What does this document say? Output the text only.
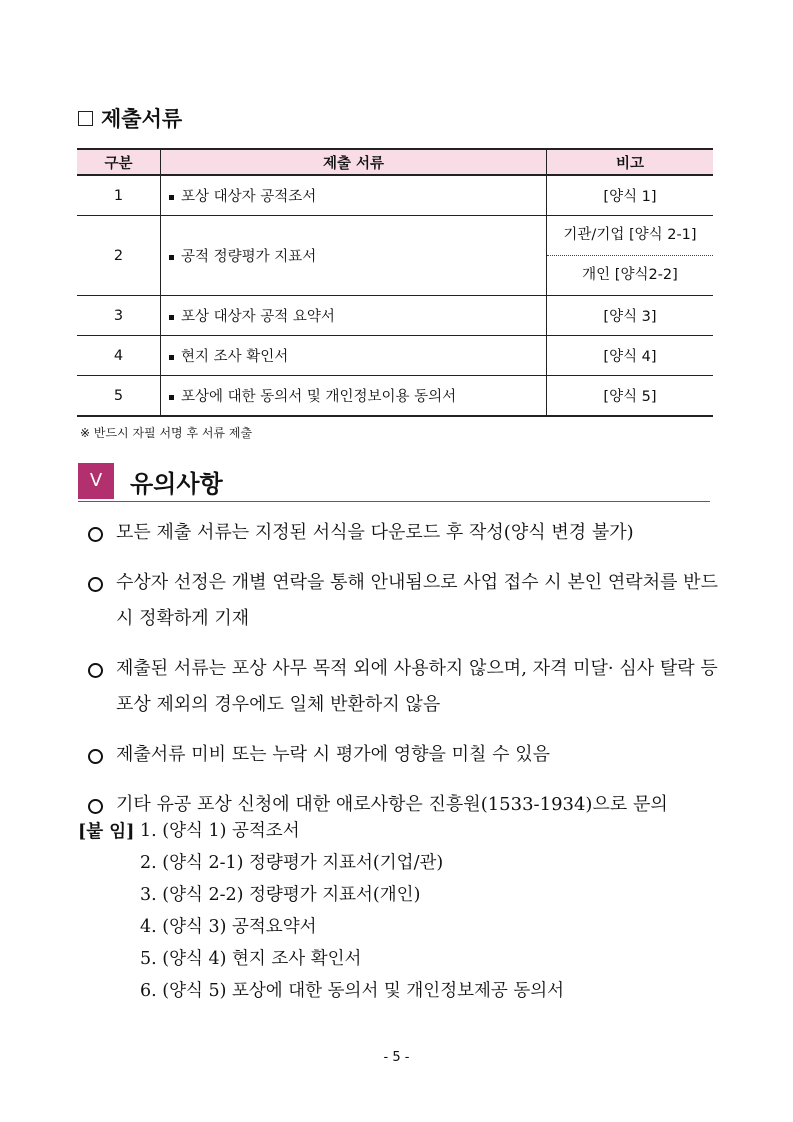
제출서류
구분	제출 서류	비고
1	포상 대상자 공적조서	[양식 1]
2	공적 정량평가 지표서	기관/기업 [양식 2-1]
개인 [양식2-2]

3	포상 대상자 공적 요약서	[양식 3]
4	현지 조사 확인서	[양식 4]
5	포상에 대한 동의서 및 개인정보이용 동의서	[양식 5]
※ 반드시 자필 서명 후 서류 제출
V	유의사항
모든 제출 서류는 지정된 서식을 다운로드 후 작성(양식 변경 불가)
수상자 선정은 개별 연락을 통해 안내됨으로 사업 접수 시 본인 연락처를 반드시 정확하게 기재
제출된 서류는 포상 사무 목적 외에 사용하지 않으며, 자격 미달· 심사 탈락 등 포상 제외의 경우에도 일체 반환하지 않음
제출서류 미비 또는 누락 시 평가에 영향을 미칠 수 있음
기타 유공 포상 신청에 대한 애로사항은 진흥원(1533-1934)으로 문의
[붙 임] 1. (양식 1) 공적조서
2. (양식 2-1) 정량평가 지표서(기업/관)
3. (양식 2-2) 정량평가 지표서(개인)
4. (양식 3) 공적요약서
5. (양식 4) 현지 조사 확인서
6. (양식 5) 포상에 대한 동의서 및 개인정보제공 동의서
- 5 -
